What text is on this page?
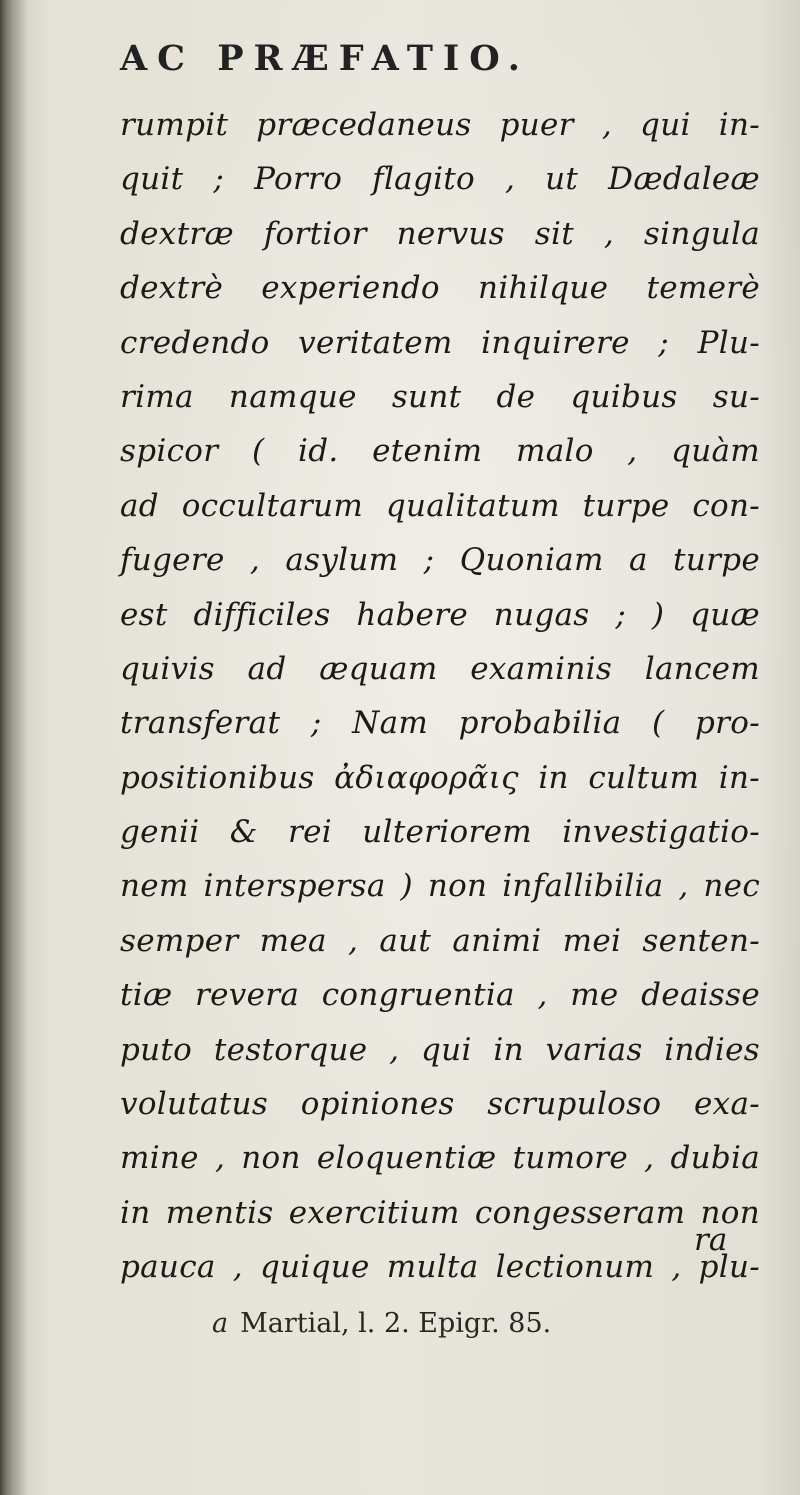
AC PRÆFATIO.
rumpit præcedaneus puer , qui in-
quit ; Porro flagito , ut Dædaleæ
dextræ fortior nervus sit , singula
dextrè experiendo nihilque temerè
credendo veritatem inquirere ; Plu-
rima namque sunt de quibus su-
spicor ( id. etenim malo , quàm
ad occultarum qualitatum turpe con-
fugere , asylum ; Quoniam a turpe
est difficiles habere nugas ; ) quæ
quivis ad æquam examinis lancem
transferat ; Nam probabilia ( pro-
positionibus ἀδιαφορᾶις in cultum in-
genii & rei ulteriorem investigatio-
nem interspersa ) non infallibilia , nec
semper mea , aut animi mei senten-
tiæ revera congruentia , me deaisse
puto testorque , qui in varias indies
volutatus opiniones scrupuloso exa-
mine , non eloquentiæ tumore , dubia
in mentis exercitium congesseram non
pauca , quique multa lectionum , plu-
ra
a Martial, l. 2. Epigr. 85.
